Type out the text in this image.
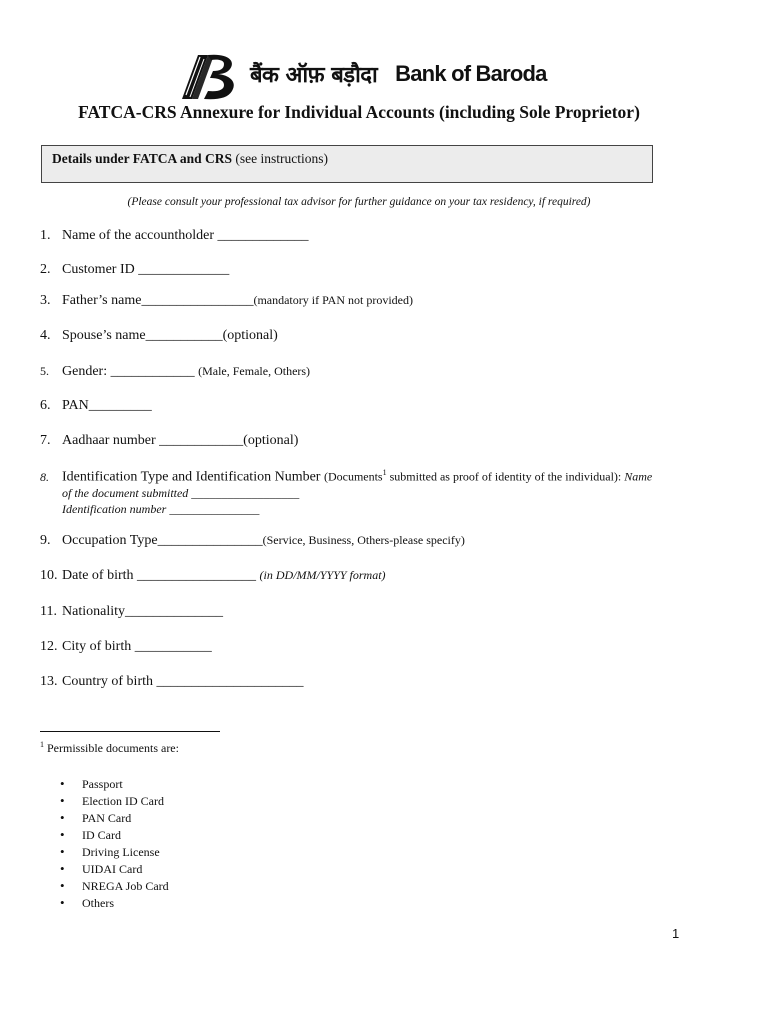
बैंक ऑफ़ बड़ौदा Bank of Baroda
FATCA-CRS Annexure for Individual Accounts (including Sole Proprietor)
Details under FATCA and CRS (see instructions)
(Please consult your professional tax advisor for further guidance on your tax residency, if required)
1. Name of the accountholder _____________
2. Customer ID _____________
3. Father’s name________________(mandatory if PAN not provided)
4. Spouse’s name___________(optional)
5. Gender: ____________ (Male, Female, Others)
6. PAN_________
7. Aadhaar number ____________(optional)
8. Identification Type and Identification Number (Documents$^1$ submitted as proof of identity of the individual): Name
of the document submitted __________________
Identification number _______________
9. Occupation Type_______________(Service, Business, Others-please specify)
10. Date of birth _________________ (in DD/MM/YYYY format)
11. Nationality______________
12. City of birth ___________
13. Country of birth _____________________
$^1$ Permissible documents are:
• Passport
• Election ID Card
• PAN Card
• ID Card
• Driving License
• UIDAI Card
• NREGA Job Card
• Others
1
